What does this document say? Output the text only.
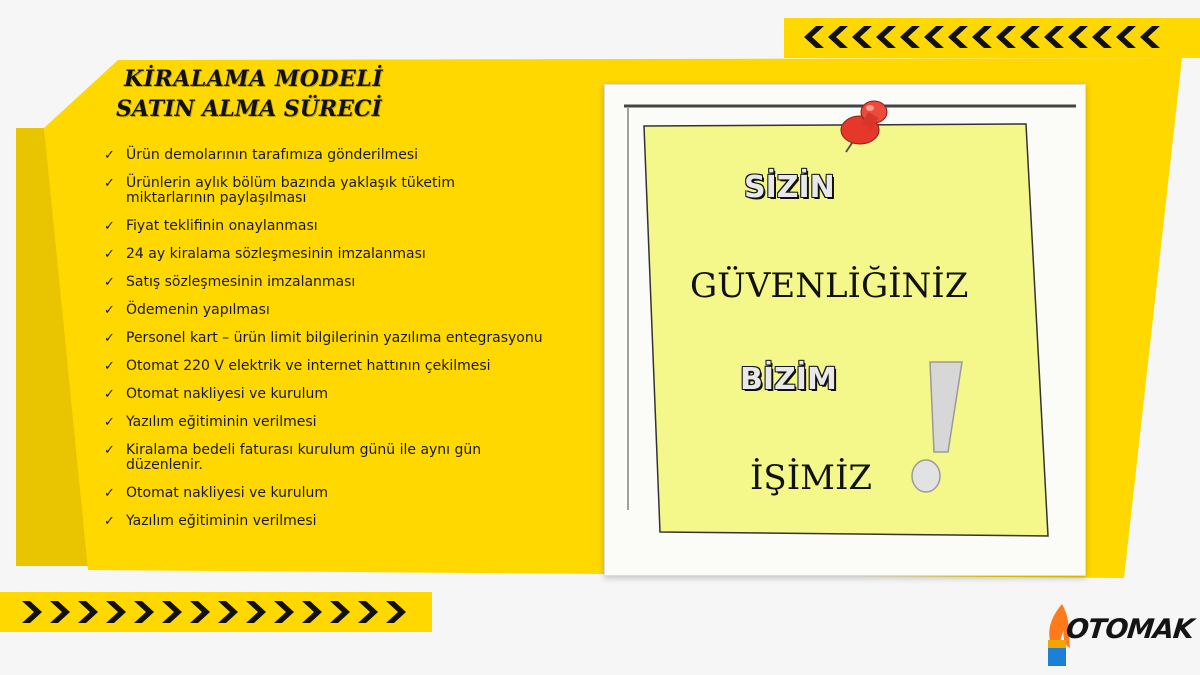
KİRALAMA MODELİ
SATIN ALMA SÜRECİ
✓ Ürün demolarının tarafımıza gönderilmesi
✓ Ürünlerin aylık bölüm bazında yaklaşık tüketim miktarlarının paylaşılması
✓ Fiyat teklifinin onaylanması
✓ 24 ay kiralama sözleşmesinin imzalanması
✓ Satış sözleşmesinin imzalanması
✓ Ödemenin yapılması
✓ Personel kart – ürün limit bilgilerinin yazılıma entegrasyonu
✓ Otomat 220 V elektrik ve internet hattının çekilmesi
✓ Otomat nakliyesi ve kurulum
✓ Yazılım eğitiminin verilmesi
✓ Kiralama bedeli faturası kurulum günü ile aynı gün düzenlenir.
✓ Otomat nakliyesi ve kurulum
✓ Yazılım eğitiminin verilmesi
SİZİN
GÜVENLİĞİNİZ
BİZİM
İŞİMİZ
OTOMAK
